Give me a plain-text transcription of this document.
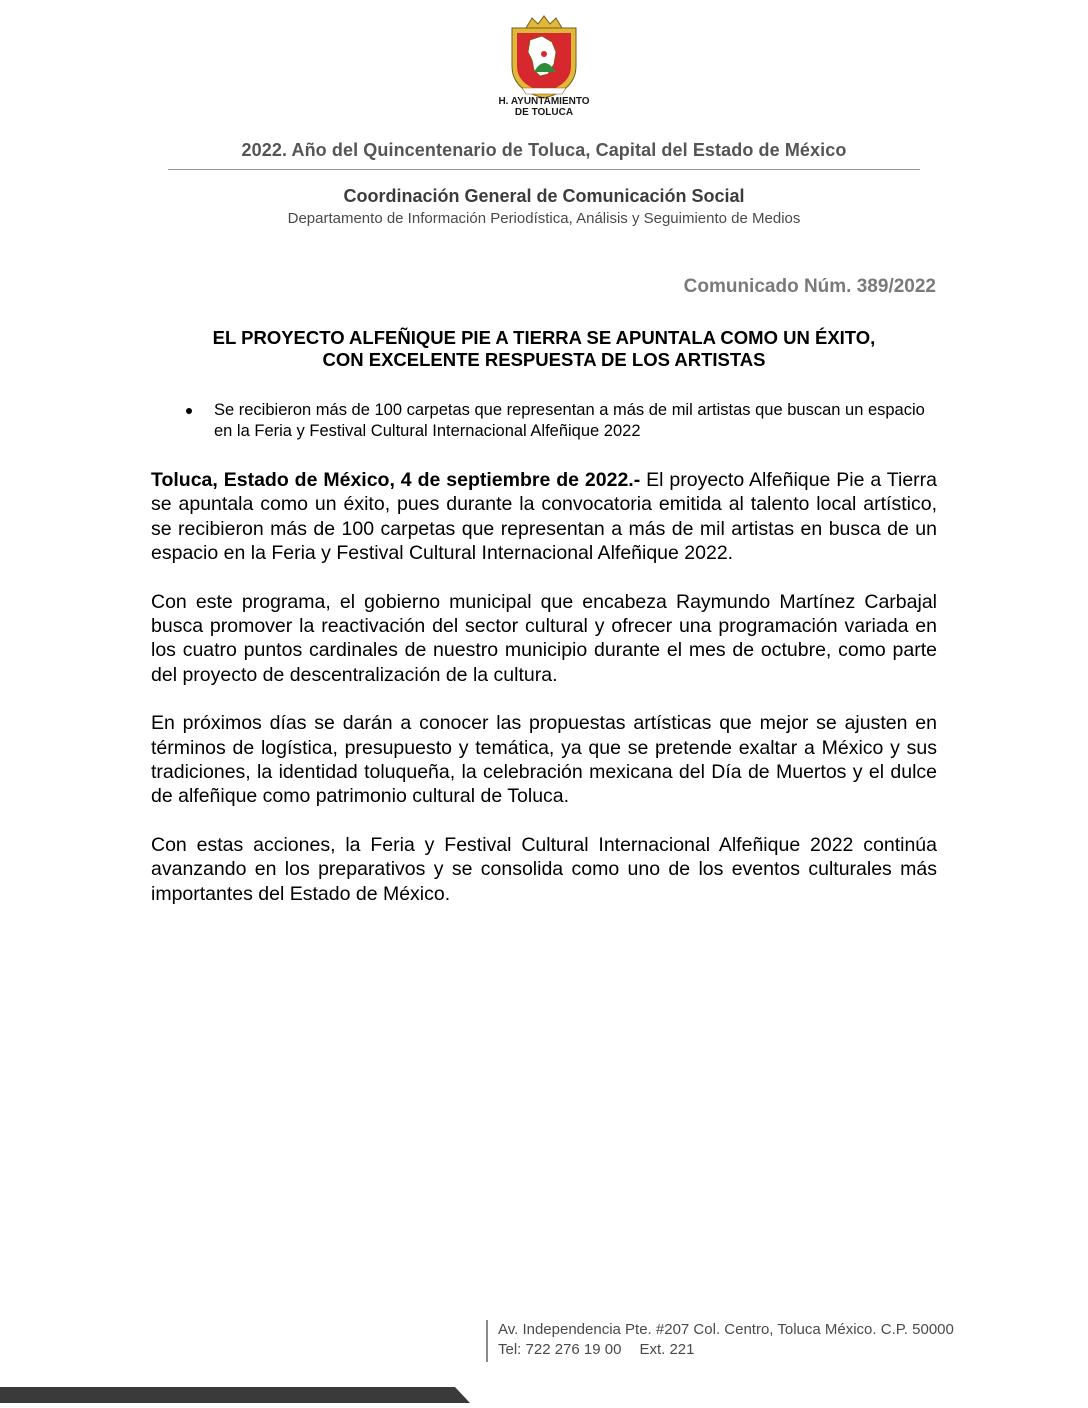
H. AYUNTAMIENTO
DE TOLUCA
2022. Año del Quincentenario de Toluca, Capital del Estado de México
Coordinación General de Comunicación Social
Departamento de Información Periodística, Análisis y Seguimiento de Medios
Comunicado Núm. 389/2022
EL PROYECTO ALFEÑIQUE PIE A TIERRA SE APUNTALA COMO UN ÉXITO,
CON EXCELENTE RESPUESTA DE LOS ARTISTAS
Se recibieron más de 100 carpetas que representan a más de mil artistas que buscan un espacio en la Feria y Festival Cultural Internacional Alfeñique 2022

Toluca, Estado de México, 4 de septiembre de 2022.- El proyecto Alfeñique Pie a Tierra se apuntala como un éxito, pues durante la convocatoria emitida al talento local artístico, se recibieron más de 100 carpetas que representan a más de mil artistas en busca de un espacio en la Feria y Festival Cultural Internacional Alfeñique 2022.

Con este programa, el gobierno municipal que encabeza Raymundo Martínez Carbajal busca promover la reactivación del sector cultural y ofrecer una programación variada en los cuatro puntos cardinales de nuestro municipio durante el mes de octubre, como parte del proyecto de descentralización de la cultura.

En próximos días se darán a conocer las propuestas artísticas que mejor se ajusten en términos de logística, presupuesto y temática, ya que se pretende exaltar a México y sus tradiciones, la identidad toluqueña, la celebración mexicana del Día de Muertos y el dulce de alfeñique como patrimonio cultural de Toluca.

Con estas acciones, la Feria y Festival Cultural Internacional Alfeñique 2022 continúa avanzando en los preparativos y se consolida como uno de los eventos culturales más importantes del Estado de México.

Av. Independencia Pte. #207 Col. Centro, Toluca México. C.P. 50000
Tel: 722 276 19 00 Ext. 221
